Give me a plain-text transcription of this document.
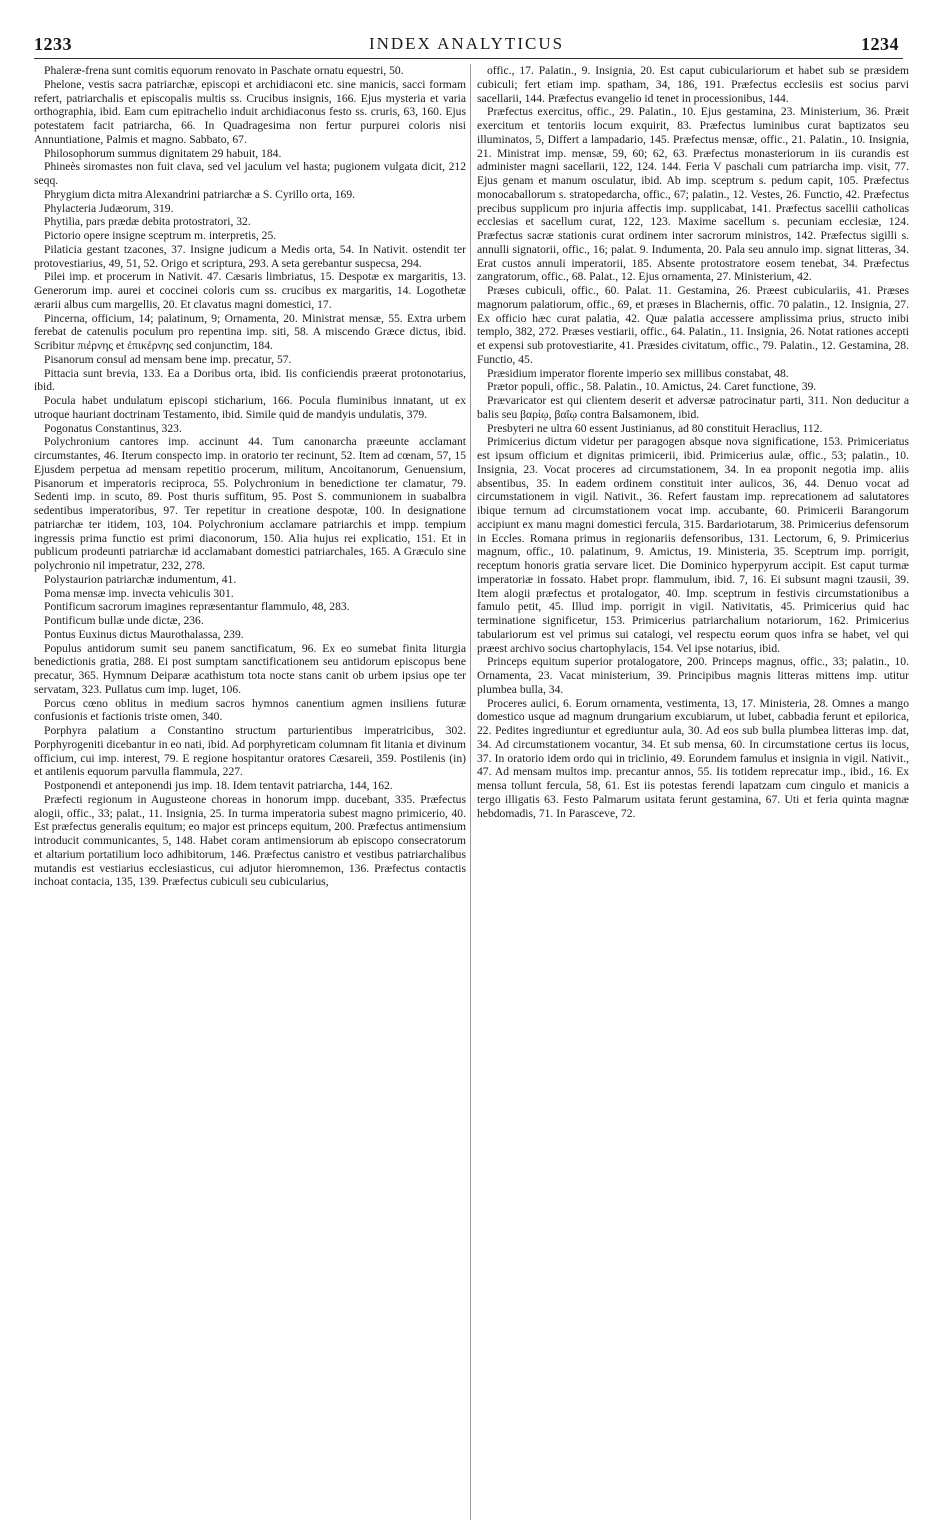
1233	INDEX ANALYTICUS	1234

Phaleræ-frena sunt comitis equorum renovato in Paschate ornatu equestri, 50.

Phelone, vestis sacra patriarchæ, episcopi et archidiaconi etc. sine manicis, sacci formam refert, patriarchalis et episcopalis multis ss. Crucibus insignis, 166. Ejus mysteria et varia orthographia, ibid. Eam cum epitrachelio induit archidiaconus festo ss. cruris, 63, 160. Ejus potestatem facit patriarcha, 66. In Quadragesima non fertur purpurei coloris nisi Annuntiatione, Palmis et magno. Sabbato, 67.

Philosophorum summus dignitatem 29 habuit, 184.

Phineès siromastes non fuit clava, sed vel jaculum vel hasta; pugionem vulgata dicit, 212 seqq.

Phrygium dicta mitra Alexandrini patriarchæ a S. Cyrillo orta, 169.

Phylacteria Judæorum, 319.

Phytilia, pars prædæ debita protostratori, 32.

Pictorio opere insigne sceptrum m. interpretis, 25.

Pilaticia gestant tzacones, 37. Insigne judicum a Medis orta, 54. In Nativit. ostendit ter protovestiarius, 49, 51, 52. Origo et scriptura, 293. A seta gerebantur suspecsa, 294.

Pilei imp. et procerum in Nativit. 47. Cæsaris limbriatus, 15. Despotæ ex margaritis, 13. Generorum imp. aurei et coccinei coloris cum ss. crucibus ex margaritis, 14. Logothetæ ærarii albus cum margellis, 20. Et clavatus magni domestici, 17.

Pincerna, officium, 14; palatinum, 9; Ornamenta, 20. Ministrat mensæ, 55. Extra urbem ferebat de catenulis poculum pro repentina imp. siti, 58. A miscendo Græce dictus, ibid. Scribitur πιέρνης et ἐπικέρνης sed conjunctim, 184.

Pisanorum consul ad mensam bene imp. precatur, 57.

Pittacia sunt brevia, 133. Ea a Doribus orta, ibid. Iis conficiendis præerat protonotarius, ibid.

Pocula habet undulatum episcopi sticharium, 166. Pocula fluminibus innatant, ut ex utroque hauriant doctrinam Testamento, ibid. Simile quid de mandyis undulatis, 379.

Pogonatus Constantinus, 323.

Polychronium cantores imp. accinunt 44. Tum canonarcha præeunte acclamant circumstantes, 46. Iterum conspecto imp. in oratorio ter recinunt, 52. Item ad cœnam, 57, 15 Ejusdem perpetua ad mensam repetitio procerum, militum, Ancoitanorum, Genuensium, Pisanorum et imperatoris reciproca, 55. Polychronium in benedictione ter clamatur, 79. Sedenti imp. in scuto, 89. Post thuris suffitum, 95. Post S. communionem in suabalbra sedentibus imperatoribus, 97. Ter repetitur in creatione despotæ, 100. In designatione patriarchæ ter itidem, 103, 104. Polychronium acclamare patriarchis et impp. tempium ingressis prima functio est primi diaconorum, 150. Alia hujus rei explicatio, 151. Et in publicum prodeunti patriarchæ id acclamabant domestici patriarchales, 165. A Græculo sine polychronio nil impetratur, 232, 278.

Polystaurion patriarchæ indumentum, 41.

Poma mensæ imp. invecta vehiculis 301.

Pontificum sacrorum imagines repræsentantur flammulo, 48, 283.

Pontificum bullæ unde dictæ, 236.

Pontus Euxinus dictus Maurothalassa, 239.

Populus antidorum sumit seu panem sanctificatum, 96. Ex eo sumebat finita liturgia benedictionis gratia, 288. Ei post sumptam sanctificationem seu antidorum episcopus bene precatur, 365. Hymnum Deiparæ acathistum tota nocte stans canit ob urbem ipsius ope ter servatam, 323. Pullatus cum imp. luget, 106.

Porcus cœno oblitus in medium sacros hymnos canentium agmen insiliens futuræ confusionis et factionis triste omen, 340.

Porphyra palatium a Constantino structum parturientibus imperatricibus, 302. Porphyrogeniti dicebantur in eo nati, ibid. Ad porphyreticam columnam fit litania et divinum officium, cui imp. interest, 79. E regione hospitantur oratores Cæsareii, 359. Postilenis (in) et antilenis equorum parvulla flammula, 227.

Postponendi et anteponendi jus imp. 18. Idem tentavit patriarcha, 144, 162.

Præfecti regionum in Augusteone choreas in honorum impp. ducebant, 335. Præfectus alogii, offic., 33; palat., 11. Insignia, 25. In turma imperatoria subest magno primicerio, 40. Est præfectus generalis equitum; eo major est princeps equitum, 200. Præfectus antimensium introducit communicantes, 5, 148. Habet coram antimensiorum ab episcopo consecratorum et altarium portatilium loco adhibitorum, 146. Præfectus canistro et vestibus patriarchalibus mutandis est vestiarius ecclesiasticus, cui adjutor hieromnemon, 136. Præfectus contactis inchoat contacia, 135, 139. Præfectus cubiculi seu cubicularius,

offic., 17. Palatin., 9. Insignia, 20. Est caput cubiculariorum et habet sub se præsidem cubiculi; fert etiam imp. spatham, 34, 186, 191. Præfectus ecclesiis est socius parvi sacellarii, 144. Præfectus evangelio id tenet in processionibus, 144.

Præfectus exercitus, offic., 29. Palatin., 10. Ejus gestamina, 23. Ministerium, 36. Præit exercitum et tentoriis locum exquirit, 83. Præfectus luminibus curat baptizatos seu illuminatos, 5, Differt a lampadario, 145. Præfectus mensæ, offic., 21. Palatin., 10. Insignia, 21. Ministrat imp. mensæ, 59, 60; 62, 63. Præfectus monasteriorum in iis curandis est administer magni sacellarii, 122, 124. 144. Feria V paschali cum patriarcha imp. visit, 77. Ejus genam et manum osculatur, ibid. Ab imp. sceptrum s. pedum capit, 105. Præfectus monocaballorum s. stratopedarcha, offic., 67; palatin., 12. Vestes, 26. Functio, 42. Præfectus precibus supplicum pro injuria affectis imp. supplicabat, 141. Præfectus sacellii catholicas ecclesias et sacellum curat, 122, 123. Maxime sacellum s. pecuniam ecclesiæ, 124. Præfectus sacræ stationis curat ordinem inter sacrorum ministros, 142. Præfectus sigilli s. annulli signatorii, offic., 16; palat. 9. Indumenta, 20. Pala seu annulo imp. signat litteras, 34. Erat custos annuli imperatorii, 185. Absente protostratore eosem tenebat, 34. Præfectus zangratorum, offic., 68. Palat., 12. Ejus ornamenta, 27. Ministerium, 42.

Præses cubiculi, offic., 60. Palat. 11. Gestamina, 26. Præest cubiculariis, 41. Præses magnorum palatiorum, offic., 69, et præses in Blachernis, offic. 70 palatin., 12. Insignia, 27. Ex officio hæc curat palatia, 42. Quæ palatia accessere amplissima prius, structo inibi templo, 382, 272. Præses vestiarii, offic., 64. Palatin., 11. Insignia, 26. Notat rationes accepti et expensi sub protovestiarite, 41. Præsides civitatum, offic., 79. Palatin., 12. Gestamina, 28. Functio, 45.

Præsidium imperator florente imperio sex millibus constabat, 48.

Prætor populi, offic., 58. Palatin., 10. Amictus, 24. Caret functione, 39.

Prævaricator est qui clientem deserit et adversæ patrocinatur parti, 311. Non deducitur a balis seu βαρίῳ, βαΐῳ contra Balsamonem, ibid.

Presbyteri ne ultra 60 essent Justinianus, ad 80 constituit Heraclius, 112.

Primicerius dictum videtur per paragogen absque nova significatione, 153. Primiceriatus est ipsum officium et dignitas primicerii, ibid. Primicerius aulæ, offic., 53; palatin., 10. Insignia, 23. Vocat proceres ad circumstationem, 34. In ea proponit negotia imp. aliis absentibus, 35. In eadem ordinem constituit inter aulicos, 36, 44. Denuo vocat ad circumstationem in vigil. Nativit., 36. Refert faustam imp. reprecationem ad salutatores ibique ternum ad circumstationem vocat imp. accubante, 60. Primicerii Barangorum accipiunt ex manu magni domestici fercula, 315. Bardariotarum, 38. Primicerius defensorum in Eccles. Romana primus in regionariis defensoribus, 131. Lectorum, 6, 9. Primicerius magnum, offic., 10. palatinum, 9. Amictus, 19. Ministeria, 35. Sceptrum imp. porrigit, receptum honoris gratia servare licet. Die Dominico hyperpyrum accipit. Est caput turmæ imperatoriæ in fossato. Habet propr. flammulum, ibid. 7, 16. Ei subsunt magni tzausii, 39. Item alogii præfectus et protalogator, 40. Imp. sceptrum in festivis circumstationibus a famulo petit, 45. Illud imp. porrigit in vigil. Nativitatis, 45. Primicerius quid hac terminatione significetur, 153. Primicerius patriarchalium notariorum, 162. Primicerius tabulariorum est vel primus sui catalogi, vel respectu eorum quos infra se habet, vel qui præest archivo socius chartophylacis, 154. Vel ipse notarius, ibid.

Princeps equitum superior protalogatore, 200. Princeps magnus, offic., 33; palatin., 10. Ornamenta, 23. Vacat ministerium, 39. Principibus magnis litteras mittens imp. utitur plumbea bulla, 34.

Proceres aulici, 6. Eorum ornamenta, vestimenta, 13, 17. Ministeria, 28. Omnes a mango domestico usque ad magnum drungarium excubiarum, ut lubet, cabbadia ferunt et epilorica, 22. Pedites ingrediuntur et egrediuntur aula, 30. Ad eos sub bulla plumbea litteras imp. dat, 34. Ad circumstationem vocantur, 34. Et sub mensa, 60. In circumstatione certus iis locus, 37. In oratorio idem ordo qui in triclinio, 49. Eorundem famulus et insignia in vigil. Nativit., 47. Ad mensam multos imp. precantur annos, 55. Iis totidem reprecatur imp., ibid., 16. Ex mensa tollunt fercula, 58, 61. Est iis potestas ferendi lapatzam cum cingulo et manicis a tergo illigatis 63. Festo Palmarum usitata ferunt gestamina, 67. Uti et feria quinta magnæ hebdomadis, 71. In Parasceve, 72.
